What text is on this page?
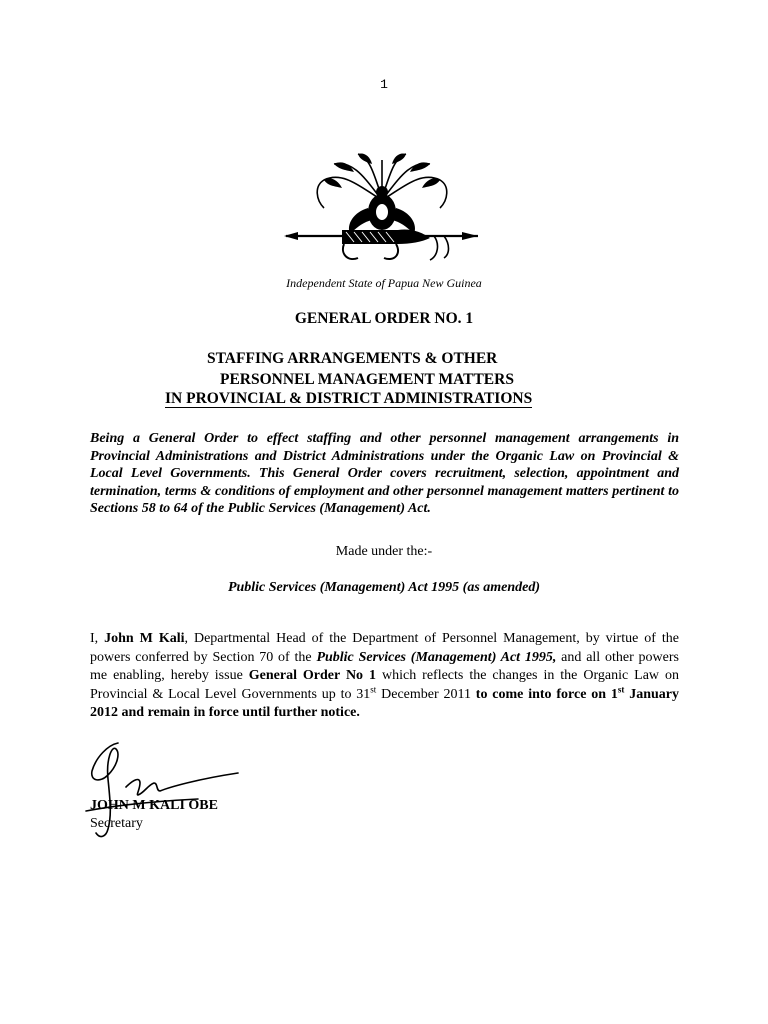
1
Independent State of Papua New Guinea
GENERAL ORDER NO. 1
STAFFING ARRANGEMENTS & OTHER
PERSONNEL MANAGEMENT MATTERS
IN PROVINCIAL & DISTRICT ADMINISTRATIONS
Being a General Order to effect staffing and other personnel management arrangements in Provincial Administrations and District Administrations under the Organic Law on Provincial & Local Level Governments. This General Order covers recruitment, selection, appointment and termination, terms & conditions of employment and other personnel management matters pertinent to Sections 58 to 64 of the Public Services (Management) Act.
Made under the:-
Public Services (Management) Act 1995 (as amended)
I, John M Kali, Departmental Head of the Department of Personnel Management, by virtue of the powers conferred by Section 70 of the Public Services (Management) Act 1995, and all other powers me enabling, hereby issue General Order No 1 which reflects the changes in the Organic Law on Provincial & Local Level Governments up to 31st December 2011 to come into force on 1st January 2012 and remain in force until further notice.
JOHN M KALI OBE
Secretary
